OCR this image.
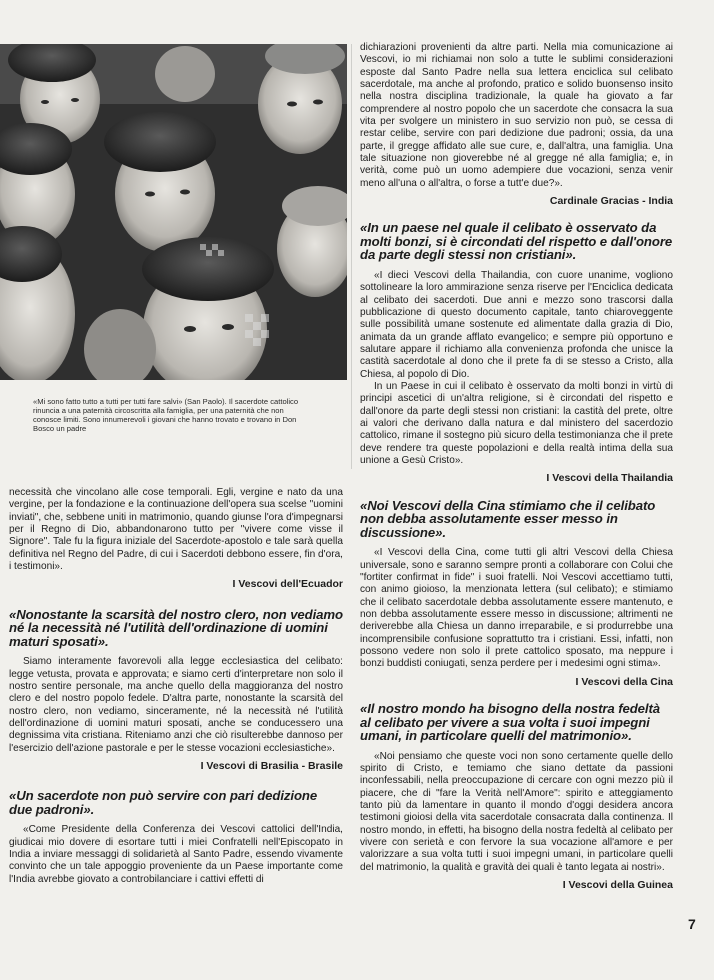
«Mi sono fatto tutto a tutti per tutti fare salvi» (San Paolo). Il sacerdote cattolico rinuncia a una paternità circoscritta alla famiglia, per una paternità che non conosce limiti. Sono innumerevoli i giovani che hanno trovato e trovano in Don Bosco un padre

necessità che vincolano alle cose temporali. Egli, vergine e nato da una vergine, per la fondazione e la continuazione dell'opera sua scelse "uomini inviati", che, sebbene uniti in matrimonio, quando giunse l'ora d'impegnarsi per il Regno di Dio, abbandonarono tutto per "vivere come visse il Signore". Tale fu la figura iniziale del Sacerdote-apostolo e tale sarà quella definitiva nel Regno del Padre, di cui i Sacerdoti debbono essere, fin d'ora, i testimoni».

I Vescovi dell'Ecuador

«Nonostante la scarsità del nostro clero, non vediamo né la necessità né l'utilità dell'ordinazione di uomini maturi sposati».

Siamo interamente favorevoli alla legge ecclesiastica del celibato: legge vetusta, provata e approvata; e siamo certi d'interpretare non solo il nostro sentire personale, ma anche quello della maggioranza del nostro clero e del nostro popolo fedele. D'altra parte, nonostante la scarsità del nostro clero, non vediamo, sinceramente, né la necessità né l'utilità dell'ordinazione di uomini maturi sposati, anche se conducessero una degnissima vita cristiana. Riteniamo anzi che ciò risulterebbe dannoso per l'esercizio dell'azione pastorale e per le stesse vocazioni ecclesiastiche».

I Vescovi di Brasilia - Brasile

«Un sacerdote non può servire con pari dedizione due padroni».

«Come Presidente della Conferenza dei Vescovi cattolici dell'India, giudicai mio dovere di esortare tutti i miei Confratelli nell'Episcopato in India a inviare messaggi di solidarietà al Santo Padre, essendo vivamente convinto che un tale appoggio proveniente da un Paese importante come l'India avrebbe giovato a controbilanciare i cattivi effetti di

dichiarazioni provenienti da altre parti. Nella mia comunicazione ai Vescovi, io mi richiamai non solo a tutte le sublimi considerazioni esposte dal Santo Padre nella sua lettera enciclica sul celibato sacerdotale, ma anche al profondo, pratico e solido buonsenso insito nella nostra disciplina tradizionale, la quale ha giovato a far comprendere al nostro popolo che un sacerdote che consacra la sua vita per svolgere un ministero in suo servizio non può, se cessa di restar celibe, servire con pari dedizione due padroni; ossia, da una parte, il gregge affidato alle sue cure, e, dall'altra, una famiglia. Una tale situazione non gioverebbe né al gregge né alla famiglia; e, in verità, come può un uomo adempiere due vocazioni, senza venir meno all'una o all'altra, o forse a tutt'e due?».

Cardinale Gracias - India

«In un paese nel quale il celibato è osservato da molti bonzi, si è circondati del rispetto e dall'onore da parte degli stessi non cristiani».

«I dieci Vescovi della Thailandia, con cuore unanime, vogliono sottolineare la loro ammirazione senza riserve per l'Enciclica dedicata al celibato dei sacerdoti. Due anni e mezzo sono trascorsi dalla pubblicazione di questo documento capitale, tanto chiaroveggente sulle possibilità umane sostenute ed alimentate dalla grazia di Dio, animata da un grande afflato evangelico; e sempre più opportuno e salutare appare il richiamo alla convenienza profonda che unisce la castità sacerdotale al dono che il prete fa di se stesso a Cristo, alla Chiesa, al popolo di Dio.

In un Paese in cui il celibato è osservato da molti bonzi in virtù di principi ascetici di un'altra religione, si è circondati del rispetto e dall'onore da parte degli stessi non cristiani: la castità del prete, oltre ai valori che derivano dalla natura e dal ministero del sacerdozio cattolico, rimane il sostegno più sicuro della testimonianza che il prete deve rendere tra queste popolazioni e della realtà intima della sua unione a Gesù Cristo».

I Vescovi della Thailandia

«Noi Vescovi della Cina stimiamo che il celibato non debba assolutamente esser messo in discussione».

«I Vescovi della Cina, come tutti gli altri Vescovi della Chiesa universale, sono e saranno sempre pronti a collaborare con Colui che "fortiter confirmat in fide" i suoi fratelli. Noi Vescovi accettiamo tutti, con animo gioioso, la menzionata lettera (sul celibato); e stimiamo che il celibato sacerdotale debba assolutamente essere mantenuto, e non debba assolutamente essere messo in discussione; altrimenti ne deriverebbe alla Chiesa un danno irreparabile, e si produrrebbe una incomprensibile confusione soprattutto tra i cristiani. Essi, infatti, non possono vedere non solo il prete cattolico sposato, ma neppure i bonzi buddisti coniugati, senza perdere per i medesimi ogni stima».

I Vescovi della Cina

«Il nostro mondo ha bisogno della nostra fedeltà al celibato per vivere a sua volta i suoi impegni umani, in particolare quelli del matrimonio».

«Noi pensiamo che queste voci non sono certamente quelle dello spirito di Cristo, e temiamo che siano dettate da passioni inconfessabili, nella preoccupazione di cercare con ogni mezzo più il piacere, che di "fare la Verità nell'Amore": spirito e atteggiamento tanto più da lamentare in quanto il mondo d'oggi desidera ancora testimoni gioiosi della vita sacerdotale consacrata dalla continenza. Il nostro mondo, in effetti, ha bisogno della nostra fedeltà al celibato per vivere con serietà e con fervore la sua vocazione all'amore e per valorizzare a sua volta tutti i suoi impegni umani, in particolare quelli del matrimonio, la qualità e gravità dei quali è tanto legata ai nostri».

I Vescovi della Guinea

7
